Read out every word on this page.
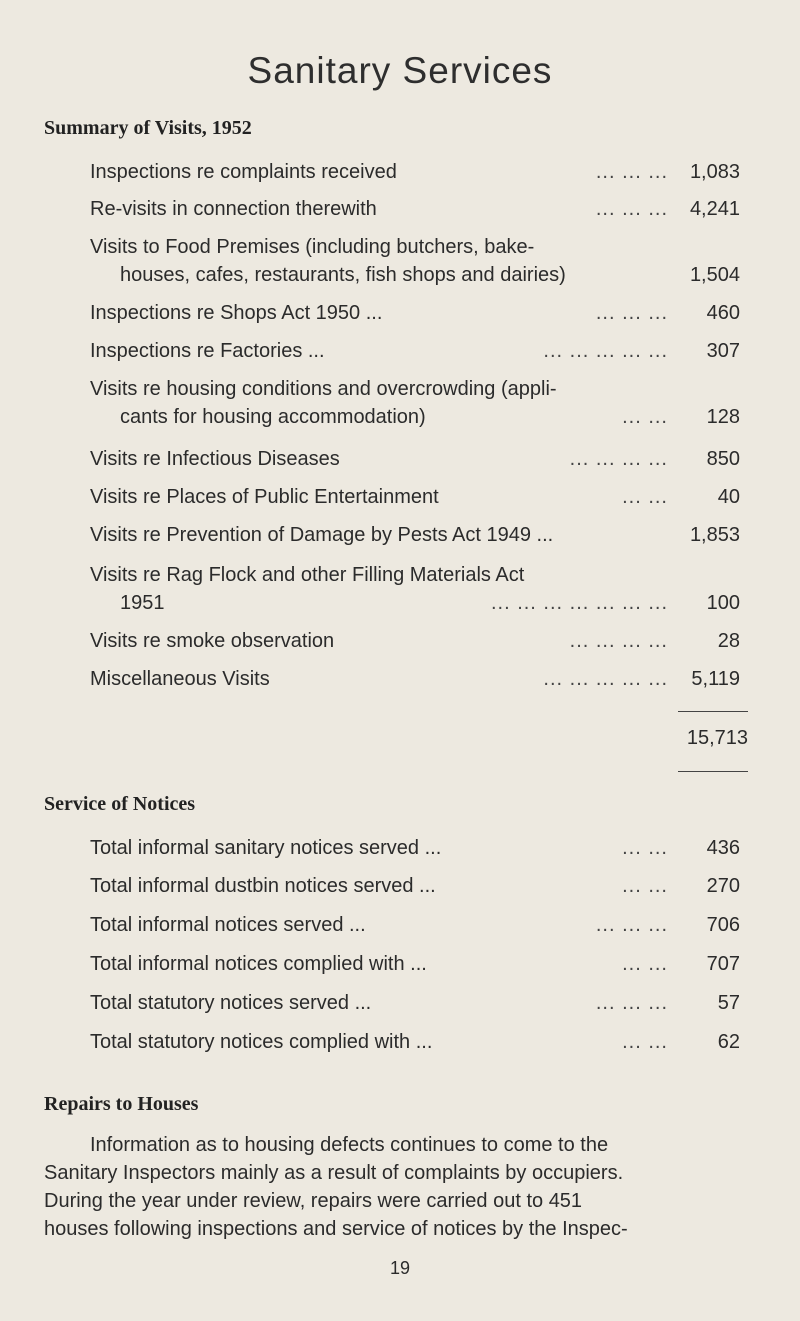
Sanitary Services
Summary of Visits, 1952
Inspections re complaints received	... ... ... 1,083
Re-visits in connection therewith	... ... ... 4,241
Visits to Food Premises (including butchers, bake-
houses, cafes, restaurants, fish shops and dairies)	1,504
Inspections re Shops Act 1950 ...	... ... ... 460
Inspections re Factories ...	... ... ... ... ... 307
Visits re housing conditions and overcrowding (appli-
cants for housing accommodation)	... ... 128
Visits re Infectious Diseases	... ... ... ... 850
Visits re Places of Public Entertainment	... ... 40
Visits re Prevention of Damage by Pests Act 1949 ...	1,853
Visits re Rag Flock and other Filling Materials Act
1951	... ... ... ... ... ... ... 100
Visits re smoke observation	... ... ... ... 28
Miscellaneous Visits	... ... ... ... ... 5,119
15,713
Service of Notices
Total informal sanitary notices served ...	... ... 436
Total informal dustbin notices served ...	... ... 270
Total informal notices served ...	... ... ... 706
Total informal notices complied with ...	... ... 707
Total statutory notices served ...	... ... ... 57
Total statutory notices complied with ...	... ... 62
Repairs to Houses
Information as to housing defects continues to come to the
Sanitary Inspectors mainly as a result of complaints by occupiers.
During the year under review, repairs were carried out to 451
houses following inspections and service of notices by the Inspec-
19
